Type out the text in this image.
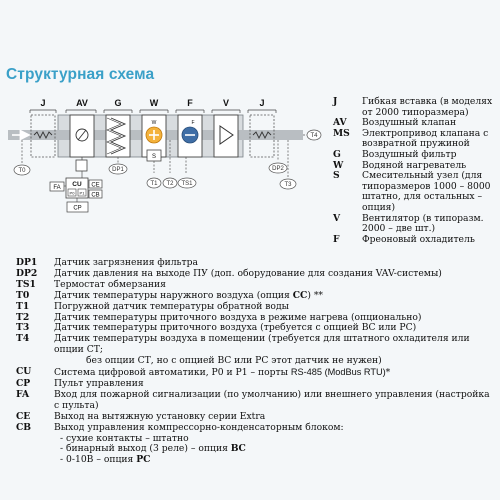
Структурная схема
J	AV	G	W	F	V	J
W
S
F
T0	DP1
T1 T2 TS1
DP2
T3
T4
CU
P0 P1
FA	CE
CB
CP
J	Гибкая вставка (в моделях от 2000 типоразмера)
AV	Воздушный клапан
MS	Электропривод клапана с возвратной пружиной
G	Воздушный фильтр
W	Водяной нагреватель
S	Смесительный узел (для типоразмеров 1000 – 8000 штатно, для остальных – опция)
V	Вентилятор (в типоразм. 2000 – две шт.)
F	Фреоновый охладитель
DP1	Датчик загрязнения фильтра
DP2	Датчик давления на выходе ПУ (доп. оборудование для создания VAV-системы)
TS1	Термостат обмерзания
T0	Датчик температуры наружного воздуха (опция CC) **
T1	Погружной датчик температуры обратной воды
T2	Датчик температуры приточного воздуха в режиме нагрева (опционально)
T3	Датчик температуры приточного воздуха (требуется с опцией ВС или РС)
T4	Датчик температуры воздуха в помещении (требуется для штатного охладителя или опции СТ;
без опции СТ, но с опцией ВС или РС этот датчик не нужен)
CU	Система цифровой автоматики, Р0 и Р1 – порты RS-485 (ModBus RTU)*
CP	Пульт управления
FA	Вход для пожарной сигнализации (по умолчанию) или внешнего управления (настройка с пульта)
CE	Выход на вытяжную установку серии Extra
CB	Выход управления компрессорно-конденсаторным блоком:
- сухие контакты – штатно
- бинарный выход (3 реле) – опция ВС
- 0-10В – опция РС
